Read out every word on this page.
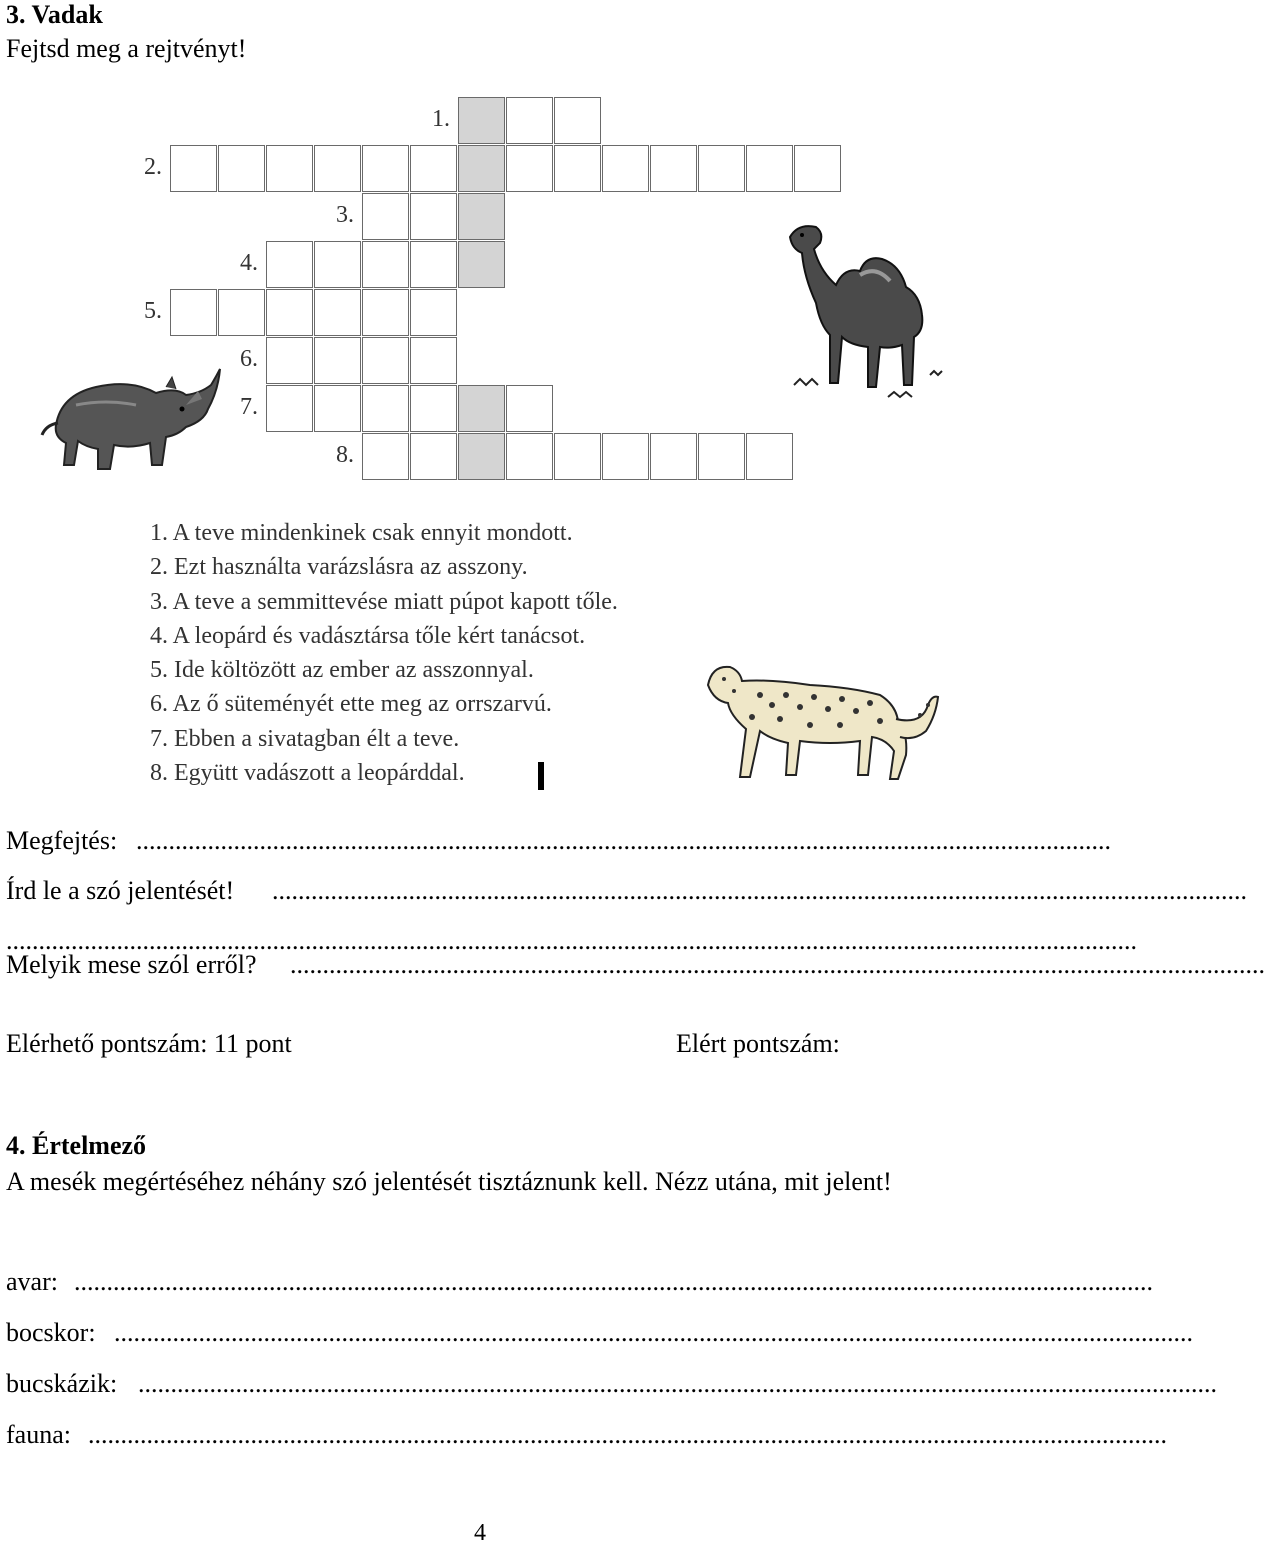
3. Vadak
Fejtsd meg a rejtvényt!
1.
2.
3.
4.
5.
6.
7.
8.
1. A teve mindenkinek csak ennyit mondott.
2. Ezt használta varázslásra az asszony.
3. A teve a semmittevése miatt púpot kapott tőle.
4. A leopárd és vadásztársa tőle kért tanácsot.
5. Ide költözött az ember az asszonnyal.
6. Az ő süteményét ette meg az orrszarvú.
7. Ebben a sivatagban élt a teve.
8. Együtt vadászott a leopárddal.
Megfejtés: ......................................................................................................................................................
Írd le a szó jelentését! ......................................................................................................................................................
..............................................................................................................................................................................
Melyik mese szól erről? ......................................................................................................................................................
Elérhető pontszám: 11 pont	Elért pontszám:
4. Értelmező
A mesék megértéséhez néhány szó jelentését tisztáznunk kell. Nézz utána, mit jelent!
avar: ......................................................................................................................................................................
bocskor: ......................................................................................................................................................................
bucskázik: ......................................................................................................................................................................
fauna: ......................................................................................................................................................................
4
